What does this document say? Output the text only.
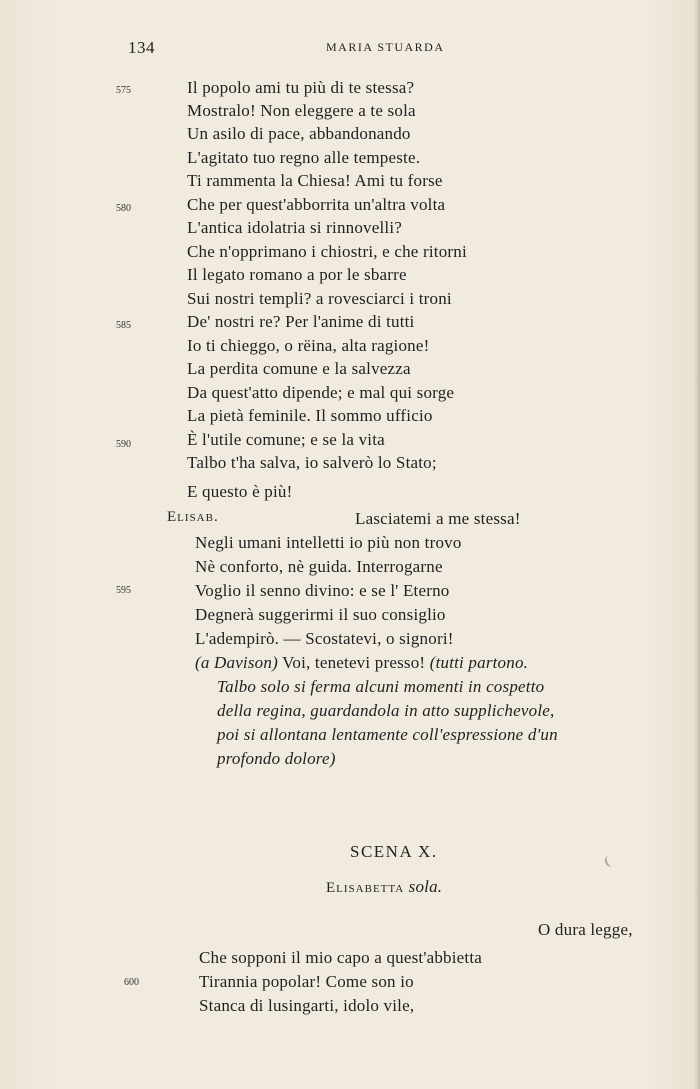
134	MARIA STUARDA
575
580
585
590
595
600
Il popolo ami tu più di te stessa?
Mostralo! Non eleggere a te sola
Un asilo di pace, abbandonando
L'agitato tuo regno alle tempeste.
Ti rammenta la Chiesa! Ami tu forse
Che per quest'abborrita un'altra volta
L'antica idolatria si rinnovelli?
Che n'opprimano i chiostri, e che ritorni
Il legato romano a por le sbarre
Sui nostri templi? a rovesciarci i troni
De' nostri re? Per l'anime di tutti
Io ti chieggo, o rëina, alta ragione!
La perdita comune e la salvezza
Da quest'atto dipende; e mal qui sorge
La pietà feminile. Il sommo ufficio
È l'utile comune; e se la vita
Talbo t'ha salva, io salverò lo Stato;
E questo è più!
Elisab.	Lasciatemi a me stessa!
Negli umani intelletti io più non trovo
Nè conforto, nè guida. Interrogarne
Voglio il senno divino: e se l' Eterno
Degnerà suggerirmi il suo consiglio
L'adempirò. — Scostatevi, o signori!
(a Davison) Voi, tenetevi presso! (tutti partono.
Talbo solo si ferma alcuni momenti in cospetto
della regina, guardandola in atto supplichevole,
poi si allontana lentamente coll'espressione d'un
profondo dolore)
SCENA X.
Elisabetta sola.
O dura legge,
Che sopponi il mio capo a quest'abbietta
Tirannia popolar! Come son io
Stanca di lusingarti, idolo vile,
